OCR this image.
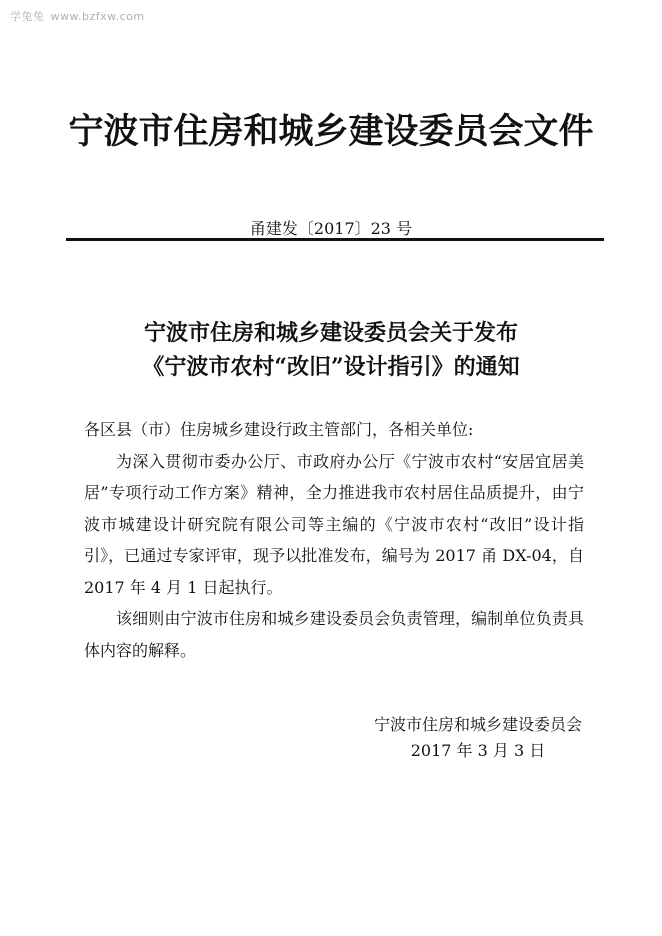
学兔兔 www.bzfxw.com
宁波市住房和城乡建设委员会文件
甬建发〔2017〕23 号
宁波市住房和城乡建设委员会关于发布
《宁波市农村“改旧”设计指引》的通知

各区县（市）住房城乡建设行政主管部门，各相关单位:

为深入贯彻市委办公厅、市政府办公厅《宁波市农村“安居宜居美居”专项行动工作方案》精神，全力推进我市农村居住品质提升，由宁波市城建设计研究院有限公司等主编的《宁波市农村“改旧”设计指引》，已通过专家评审，现予以批准发布，编号为 2017 甬 DX-04，自 2017 年 4 月 1 日起执行。

该细则由宁波市住房和城乡建设委员会负责管理，编制单位负责具体内容的解释。

宁波市住房和城乡建设委员会
2017 年 3 月 3 日
